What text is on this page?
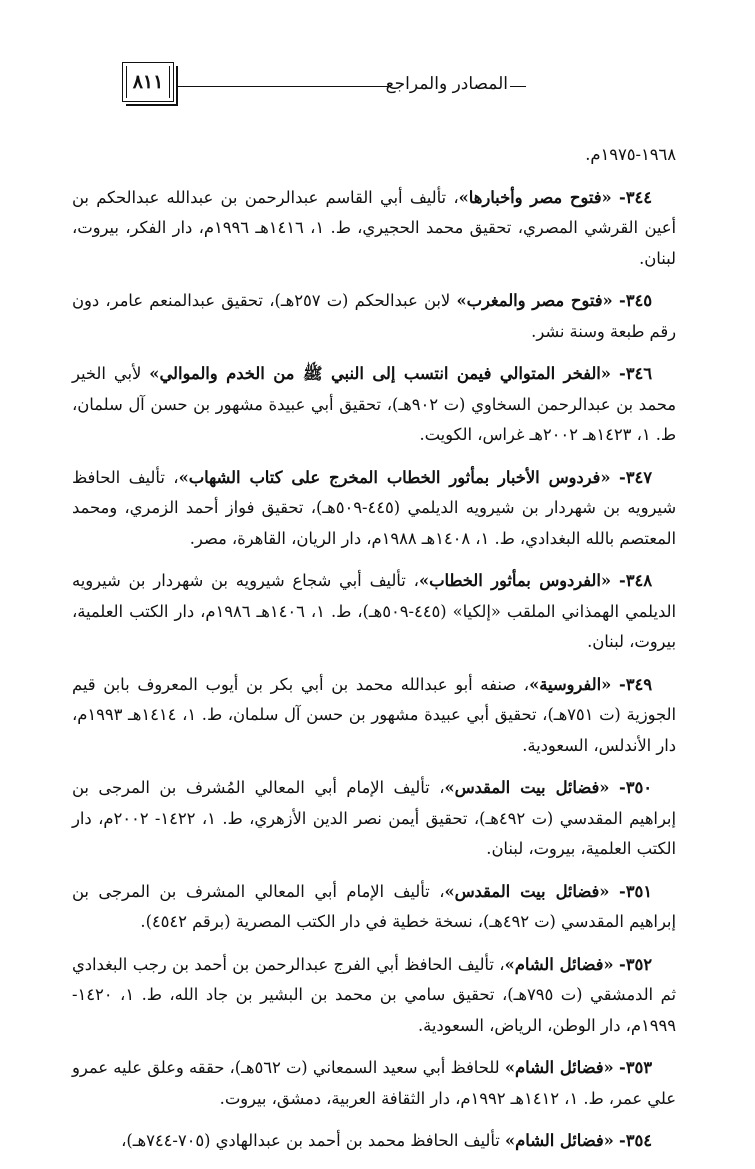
المصادر والمراجع
٨١١

١٩٦٨-١٩٧٥م.

٣٤٤- «فتوح مصر وأخبارها»، تأليف أبي القاسم عبدالرحمن بن عبدالله عبدالحكم بن أعين القرشي المصري، تحقيق محمد الحجيري، ط. ١، ١٤١٦هـ ١٩٩٦م، دار الفكر، بيروت، لبنان.

٣٤٥- «فتوح مصر والمغرب» لابن عبدالحكم (ت ٢٥٧هـ)، تحقيق عبدالمنعم عامر، دون رقم طبعة وسنة نشر.

٣٤٦- «الفخر المتوالي فيمن انتسب إلى النبي ﷺ من الخدم والموالي» لأبي الخير محمد بن عبدالرحمن السخاوي (ت ٩٠٢هـ)، تحقيق أبي عبيدة مشهور بن حسن آل سلمان، ط. ١، ١٤٢٣هـ ٢٠٠٢هـ غراس، الكويت.

٣٤٧- «فردوس الأخبار بمأثور الخطاب المخرج على كتاب الشهاب»، تأليف الحافظ شيرويه بن شهردار بن شيرويه الديلمي (٤٤٥-٥٠٩هـ)، تحقيق فواز أحمد الزمري، ومحمد المعتصم بالله البغدادي، ط. ١، ١٤٠٨هـ ١٩٨٨م، دار الريان، القاهرة، مصر.

٣٤٨- «الفردوس بمأثور الخطاب»، تأليف أبي شجاع شيرويه بن شهردار بن شيرويه الديلمي الهمذاني الملقب «إلكيا» (٤٤٥-٥٠٩هـ)، ط. ١، ١٤٠٦هـ ١٩٨٦م، دار الكتب العلمية، بيروت، لبنان.

٣٤٩- «الفروسية»، صنفه أبو عبدالله محمد بن أبي بكر بن أيوب المعروف بابن قيم الجوزية (ت ٧٥١هـ)، تحقيق أبي عبيدة مشهور بن حسن آل سلمان، ط. ١، ١٤١٤هـ ١٩٩٣م، دار الأندلس، السعودية.

٣٥٠- «فضائل بيت المقدس»، تأليف الإمام أبي المعالي المُشرف بن المرجى بن إبراهيم المقدسي (ت ٤٩٢هـ)، تحقيق أيمن نصر الدين الأزهري، ط. ١، ١٤٢٢- ٢٠٠٢م، دار الكتب العلمية، بيروت، لبنان.

٣٥١- «فضائل بيت المقدس»، تأليف الإمام أبي المعالي المشرف بن المرجى بن إبراهيم المقدسي (ت ٤٩٢هـ)، نسخة خطية في دار الكتب المصرية (برقم ٤٥٤٢).

٣٥٢- «فضائل الشام»، تأليف الحافظ أبي الفرج عبدالرحمن بن أحمد بن رجب البغدادي ثم الدمشقي (ت ٧٩٥هـ)، تحقيق سامي بن محمد بن البشير بن جاد الله، ط. ١، ١٤٢٠- ١٩٩٩م، دار الوطن، الرياض، السعودية.

٣٥٣- «فضائل الشام» للحافظ أبي سعيد السمعاني (ت ٥٦٢هـ)، حققه وعلق عليه عمرو علي عمر، ط. ١، ١٤١٢هـ ١٩٩٢م، دار الثقافة العربية، دمشق، بيروت.

٣٥٤- «فضائل الشام» تأليف الحافظ محمد بن أحمد بن عبدالهادي (٧٠٥-٧٤٤هـ)،
